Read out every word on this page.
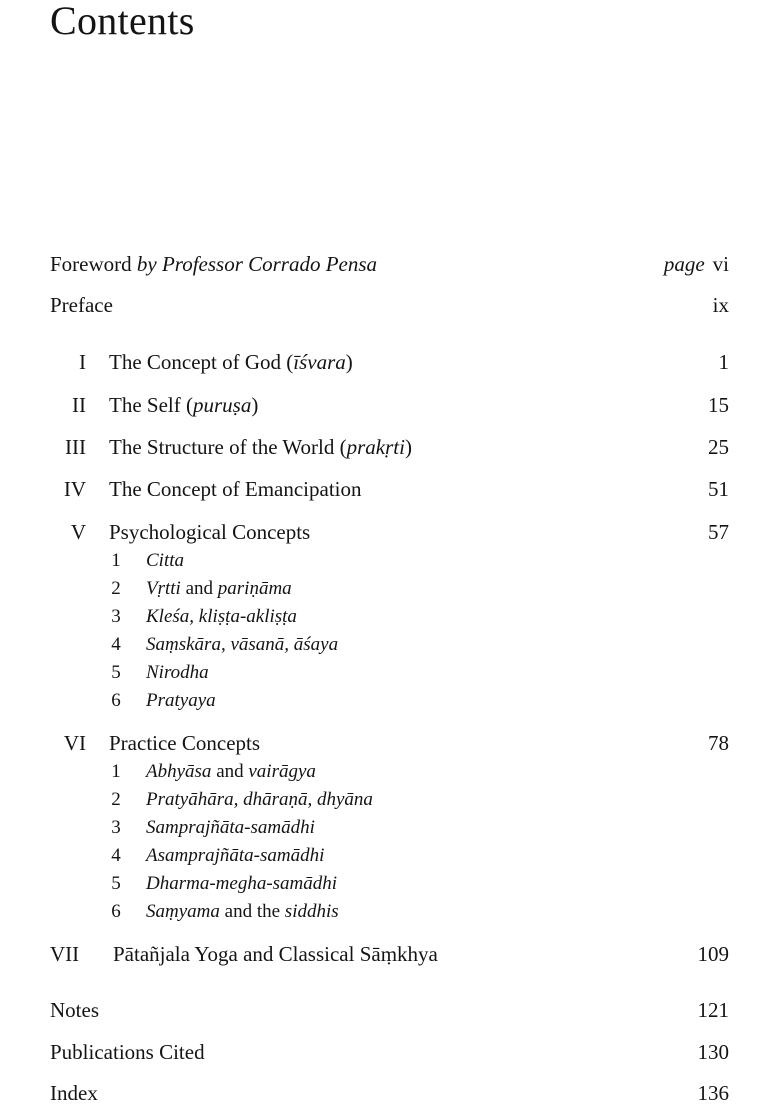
Contents
Foreword by Professor Corrado Pensa	page vi
Preface	ix
I The Concept of God (īśvara)	1
II The Self (puruṣa)	15
III The Structure of the World (prakṛti)	25
IV The Concept of Emancipation	51
V Psychological Concepts	57
1 Citta
2 Vṛtti and pariṇāma
3 Kleśa, kliṣṭa-akliṣṭa
4 Saṃskāra, vāsanā, āśaya
5 Nirodha
6 Pratyaya
VI Practice Concepts	78
1 Abhyāsa and vairāgya
2 Pratyāhāra, dhāraṇā, dhyāna
3 Samprajñāta-samādhi
4 Asamprajñāta-samādhi
5 Dharma-megha-samādhi
6 Saṃyama and the siddhis
VII Pātañjala Yoga and Classical Sāṃkhya	109
Notes	121
Publications Cited	130
Index	136
